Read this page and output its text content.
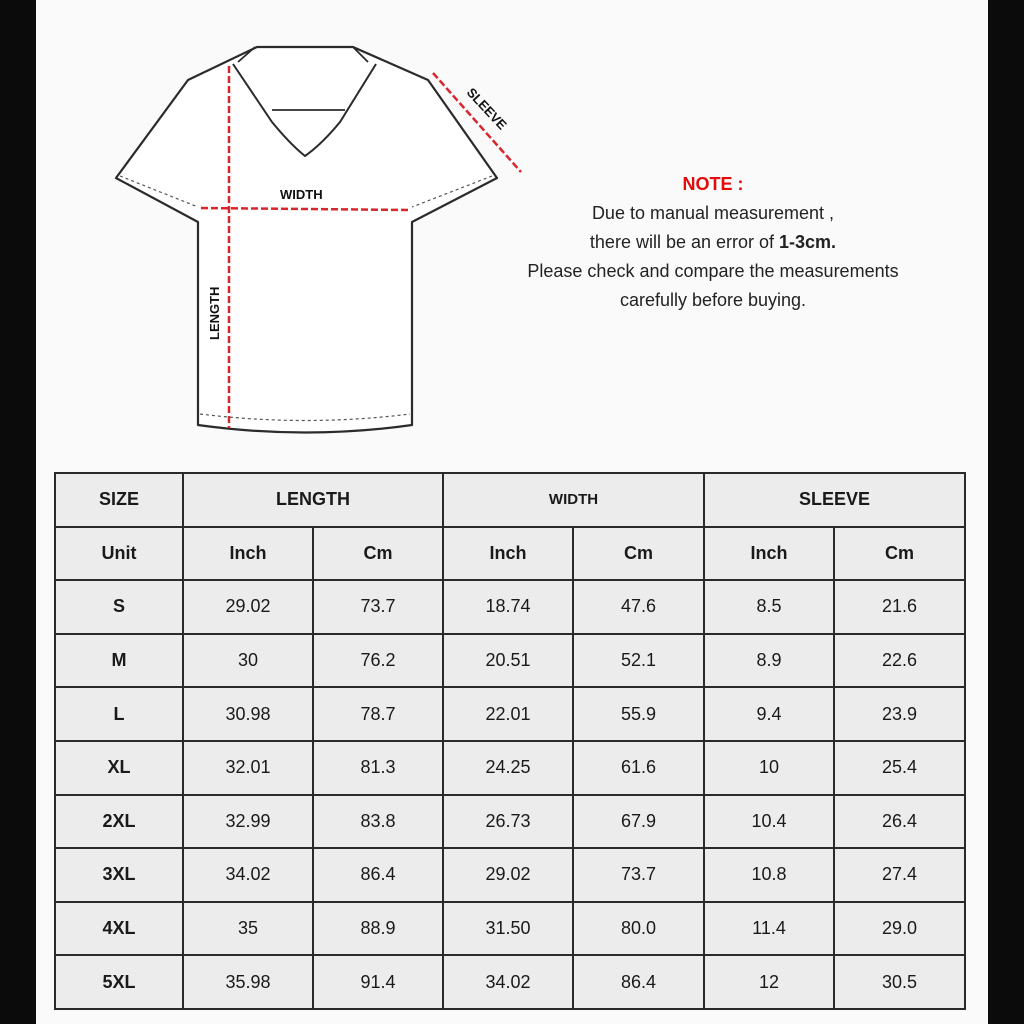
WIDTH
LENGTH
SLEEVE
NOTE :
Due to manual measurement ,
there will be an error of 1-3cm.
Please check and compare the measurements
carefully before buying.
SIZE	LENGTH		WIDTH		SLEEVE	
Unit	Inch	Cm	Inch	Cm	Inch	Cm
S	29.02	73.7	18.74	47.6	8.5	21.6
M	30	76.2	20.51	52.1	8.9	22.6
L	30.98	78.7	22.01	55.9	9.4	23.9
XL	32.01	81.3	24.25	61.6	10	25.4
2XL	32.99	83.8	26.73	67.9	10.4	26.4
3XL	34.02	86.4	29.02	73.7	10.8	27.4
4XL	35	88.9	31.50	80.0	11.4	29.0
5XL	35.98	91.4	34.02	86.4	12	30.5
